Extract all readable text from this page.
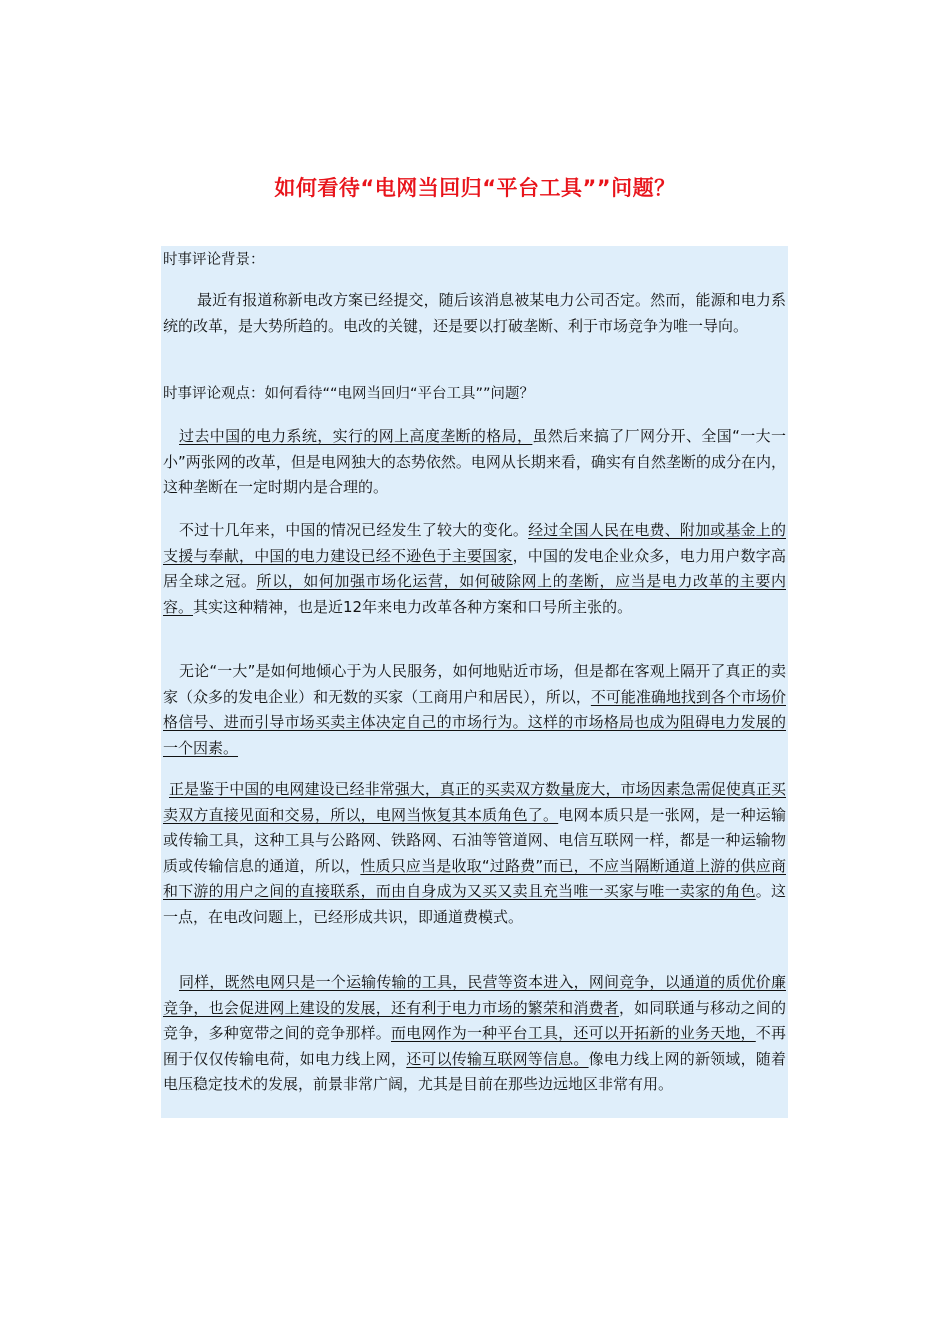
如何看待“电网当回归“平台工具””问题？
时事评论背景：

最近有报道称新电改方案已经提交，随后该消息被某电力公司否定。然而，能源和电力系统的改革，是大势所趋的。电改的关键，还是要以打破垄断、利于市场竞争为唯一导向。

时事评论观点：如何看待““电网当回归“平台工具””问题？

过去中国的电力系统，实行的网上高度垄断的格局，虽然后来搞了厂网分开、全国“一大一小”两张网的改革，但是电网独大的态势依然。电网从长期来看，确实有自然垄断的成分在内，这种垄断在一定时期内是合理的。

不过十几年来，中国的情况已经发生了较大的变化。经过全国人民在电费、附加或基金上的支援与奉献，中国的电力建设已经不逊色于主要国家，中国的发电企业众多，电力用户数字高居全球之冠。所以，如何加强市场化运营，如何破除网上的垄断，应当是电力改革的主要内容。其实这种精神，也是近12年来电力改革各种方案和口号所主张的。

无论“一大”是如何地倾心于为人民服务，如何地贴近市场，但是都在客观上隔开了真正的卖家（众多的发电企业）和无数的买家（工商用户和居民），所以，不可能准确地找到各个市场价格信号、进而引导市场买卖主体决定自己的市场行为。这样的市场格局也成为阻碍电力发展的一个因素。

正是鉴于中国的电网建设已经非常强大，真正的买卖双方数量庞大，市场因素急需促使真正买卖双方直接见面和交易，所以，电网当恢复其本质角色了。电网本质只是一张网，是一种运输或传输工具，这种工具与公路网、铁路网、石油等管道网、电信互联网一样，都是一种运输物质或传输信息的通道，所以，性质只应当是收取“过路费”而已，不应当隔断通道上游的供应商和下游的用户之间的直接联系，而由自身成为又买又卖且充当唯一买家与唯一卖家的角色。这一点，在电改问题上，已经形成共识，即通道费模式。

同样，既然电网只是一个运输传输的工具，民营等资本进入，网间竞争，以通道的质优价廉竞争，也会促进网上建设的发展，还有利于电力市场的繁荣和消费者，如同联通与移动之间的竞争，多种宽带之间的竞争那样。而电网作为一种平台工具，还可以开拓新的业务天地，不再囿于仅仅传输电荷，如电力线上网，还可以传输互联网等信息。像电力线上网的新领域，随着电压稳定技术的发展，前景非常广阔，尤其是目前在那些边远地区非常有用。
